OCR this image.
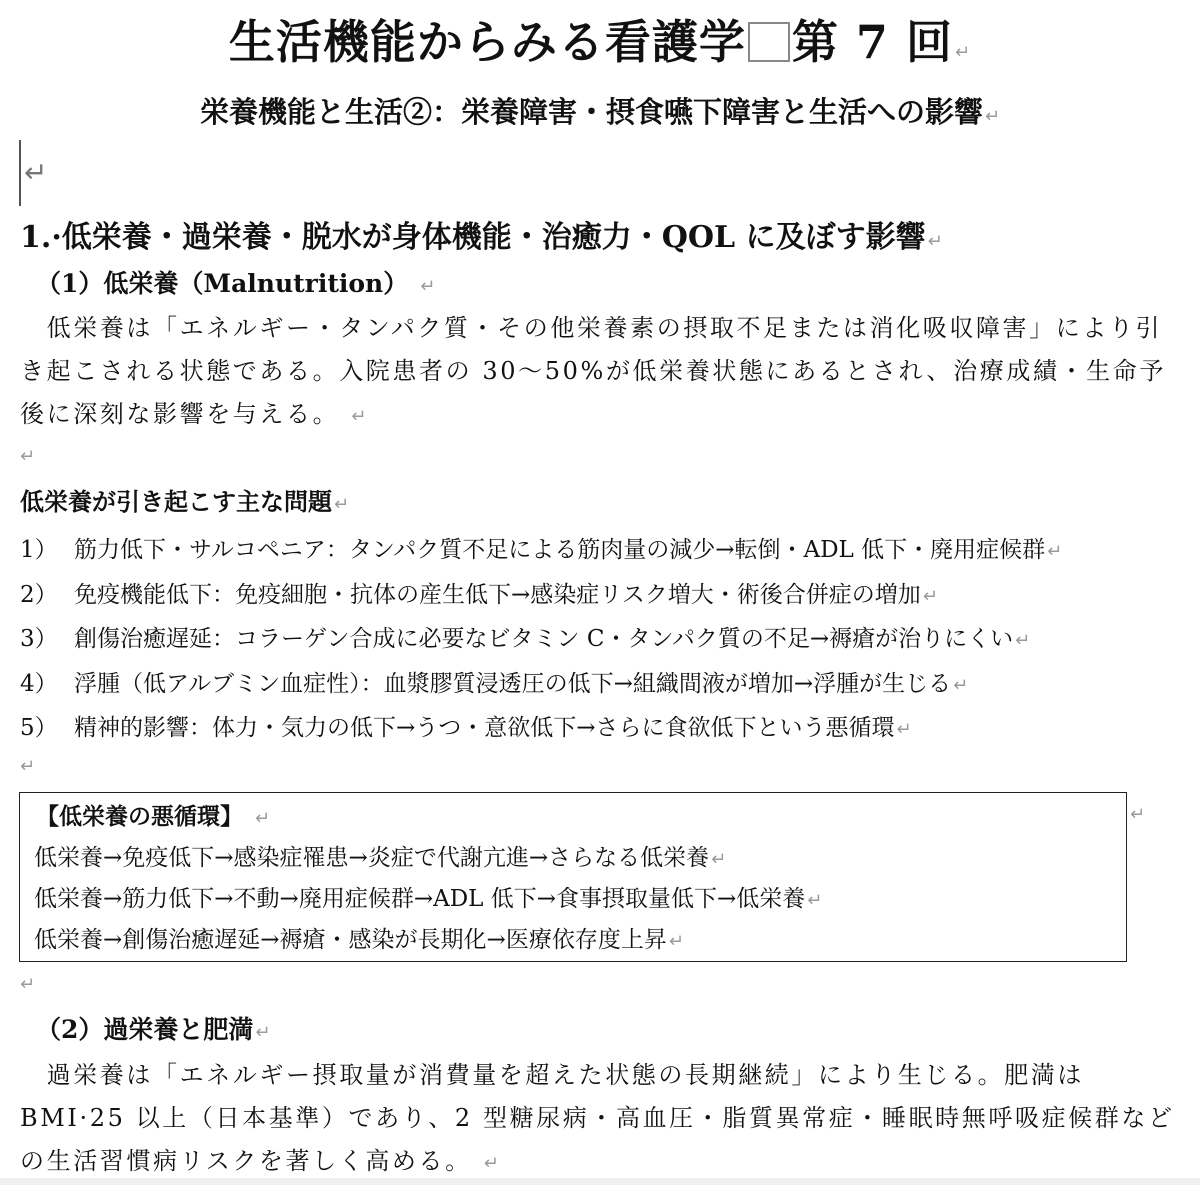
生活機能からみる看護学 第 7 回 ↵
栄養機能と生活②：栄養障害・摂食嚥下障害と生活への影響 ↵
↵
1.·低栄養・過栄養・脱水が身体機能・治癒力・QOL に及ぼす影響 ↵
（1）低栄養（Malnutrition） ↵
　低栄養は「エネルギー・タンパク質・その他栄養素の摂取不足または消化吸収障害」により引き起こされる状態である。入院患者の 30〜50%が低栄養状態にあるとされ、治療成績・生命予後に深刻な影響を与える。 ↵
↵
低栄養が引き起こす主な問題 ↵
1） 筋力低下・サルコペニア：タンパク質不足による筋肉量の減少→転倒・ADL 低下・廃用症候群 ↵
2） 免疫機能低下：免疫細胞・抗体の産生低下→感染症リスク増大・術後合併症の増加 ↵
3） 創傷治癒遅延：コラーゲン合成に必要なビタミン C・タンパク質の不足→褥瘡が治りにくい ↵
4） 浮腫（低アルブミン血症性）：血漿膠質浸透圧の低下→組織間液が増加→浮腫が生じる ↵
5） 精神的影響：体力・気力の低下→うつ・意欲低下→さらに食欲低下という悪循環 ↵
↵
【低栄養の悪循環】 ↵
低栄養→免疫低下→感染症罹患→炎症で代謝亢進→さらなる低栄養 ↵
低栄養→筋力低下→不動→廃用症候群→ADL 低下→食事摂取量低下→低栄養 ↵
低栄養→創傷治癒遅延→褥瘡・感染が長期化→医療依存度上昇 ↵
↵
↵
（2）過栄養と肥満 ↵
　過栄養は「エネルギー摂取量が消費量を超えた状態の長期継続」により生じる。肥満は BMI·25 以上（日本基準）であり、2 型糖尿病・高血圧・脂質異常症・睡眠時無呼吸症候群などの生活習慣病リスクを著しく高める。 ↵
